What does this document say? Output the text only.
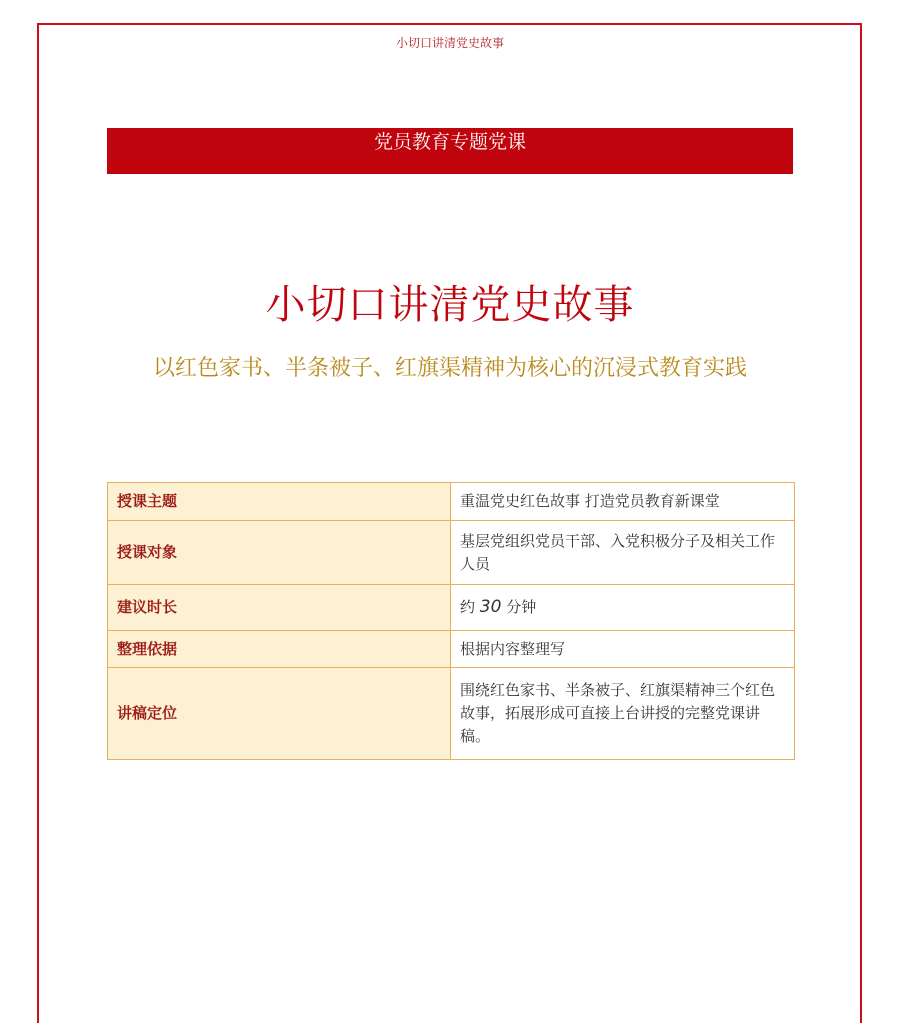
小切口讲清党史故事
党员教育专题党课
小切口讲清党史故事
以红色家书、半条被子、红旗渠精神为核心的沉浸式教育实践
授课主题	重温党史红色故事 打造党员教育新课堂
授课对象	基层党组织党员干部、入党积极分子及相关工作人员
建议时长	约 30 分钟
整理依据	根据内容整理写
讲稿定位	围绕红色家书、半条被子、红旗渠精神三个红色故事，拓展形成可直接上台讲授的完整党课讲稿。
